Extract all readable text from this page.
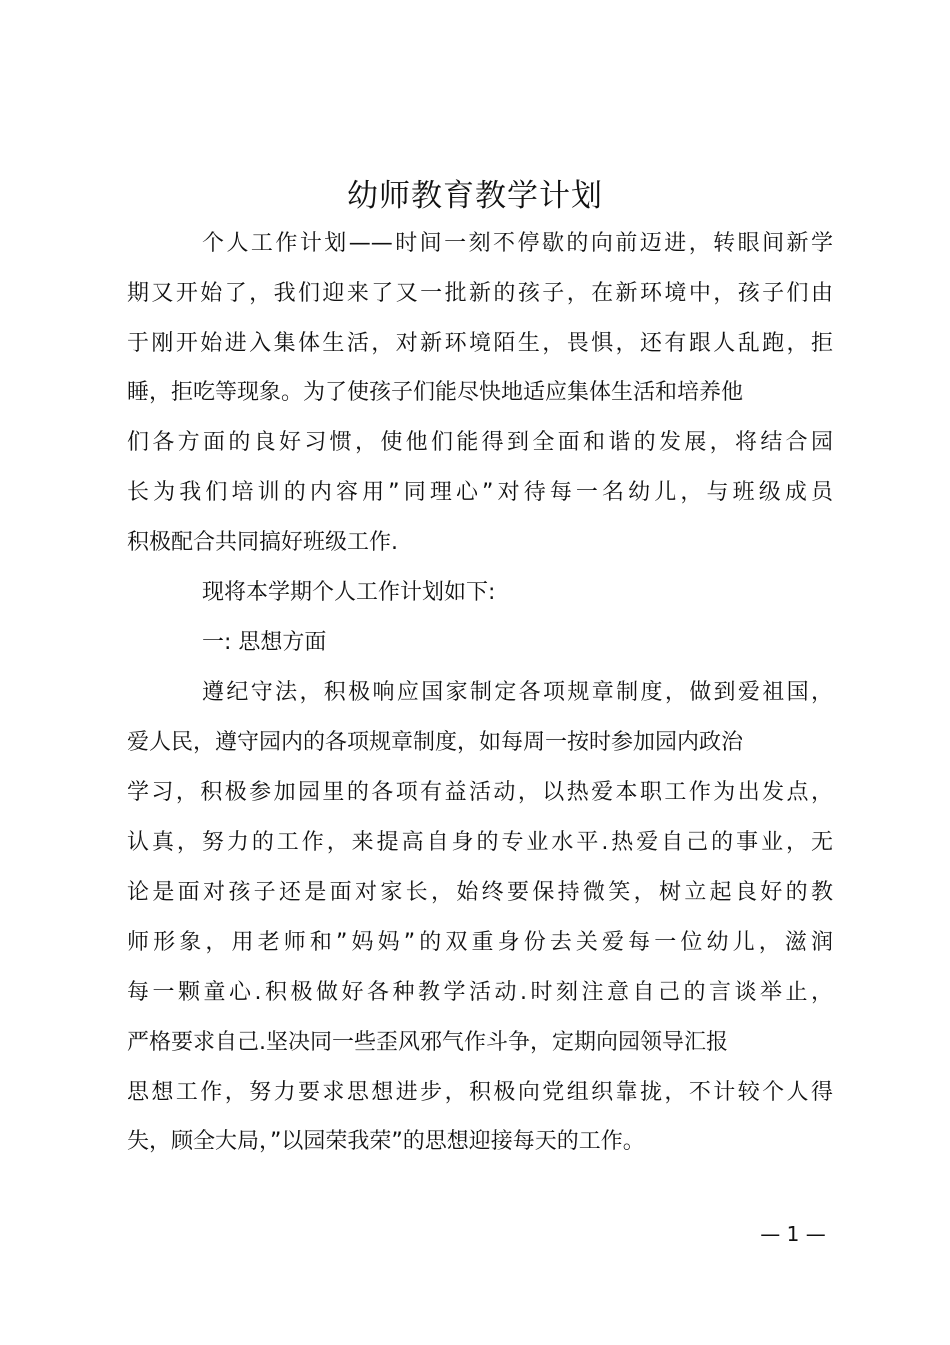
幼师教育教学计划
个人工作计划——时间一刻不停歇的向前迈进，转眼间新学
期又开始了，我们迎来了又一批新的孩子，在新环境中，孩子们由
于刚开始进入集体生活，对新环境陌生，畏惧，还有跟人乱跑，拒
睡，拒吃等现象。为了使孩子们能尽快地适应集体生活和培养他
们各方面的良好习惯，使他们能得到全面和谐的发展，将结合园
长为我们培训的内容用”同理心”对待每一名幼儿，与班级成员
积极配合共同搞好班级工作.
现将本学期个人工作计划如下:
一: 思想方面
遵纪守法，积极响应国家制定各项规章制度，做到爱祖国，
爱人民，遵守园内的各项规章制度，如每周一按时参加园内政治
学习，积极参加园里的各项有益活动，以热爱本职工作为出发点，
认真，努力的工作，来提高自身的专业水平.热爱自己的事业，无
论是面对孩子还是面对家长，始终要保持微笑，树立起良好的教
师形象，用老师和”妈妈”的双重身份去关爱每一位幼儿，滋润
每一颗童心.积极做好各种教学活动.时刻注意自己的言谈举止，
严格要求自己.坚决同一些歪风邪气作斗争，定期向园领导汇报
思想工作，努力要求思想进步，积极向党组织靠拢，不计较个人得
失，顾全大局，”以园荣我荣”的思想迎接每天的工作。
— 1 —
